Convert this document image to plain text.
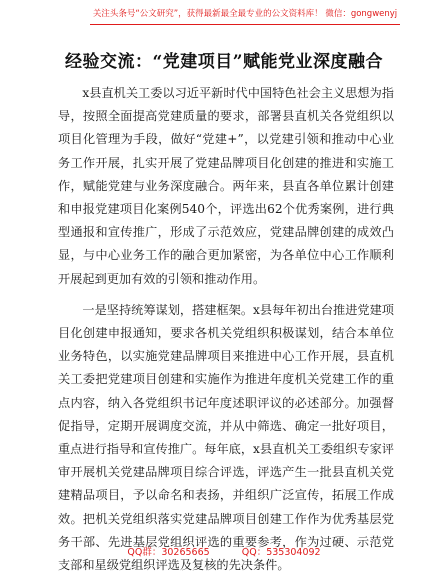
关注头条号“公文研究”，获得最新最全最专业的公文资料库！ 微信：gongwenyj
经验交流：“党建项目”赋能党业深度融合

x县直机关工委以习近平新时代中国特色社会主义思想为指导，按照全面提高党建质量的要求，部署县直机关各党组织以项目化管理为手段，做好“党建+”，以党建引领和推动中心业务工作开展，扎实开展了党建品牌项目化创建的推进和实施工作，赋能党建与业务深度融合。两年来，县直各单位累计创建和申报党建项目化案例540个，评选出62个优秀案例，进行典型通报和宣传推广，形成了示范效应，党建品牌创建的成效凸显，与中心业务工作的融合更加紧密，为各单位中心工作顺利开展起到更加有效的引领和推动作用。

一是坚持统筹谋划，搭建框架。x县每年初出台推进党建项目化创建申报通知，要求各机关党组织积极谋划，结合本单位业务特色，以实施党建品牌项目来推进中心工作开展，县直机关工委把党建项目创建和实施作为推进年度机关党建工作的重点内容，纳入各党组织书记年度述职评议的必述部分。加强督促指导，定期开展调度交流，并从中筛选、确定一批好项目，重点进行指导和宣传推广。每年底，x县直机关工委组织专家评审开展机关党建品牌项目综合评选，评选产生一批县直机关党建精品项目，予以命名和表扬，并组织广泛宣传，拓展工作成效。把机关党组织落实党建品牌项目创建工作作为优秀基层党务干部、先进基层党组织评选的重要参考，作为过硬、示范党支部和星级党组织评选及复核的先决条件。

QQ群：30265665	QQ：535304092
